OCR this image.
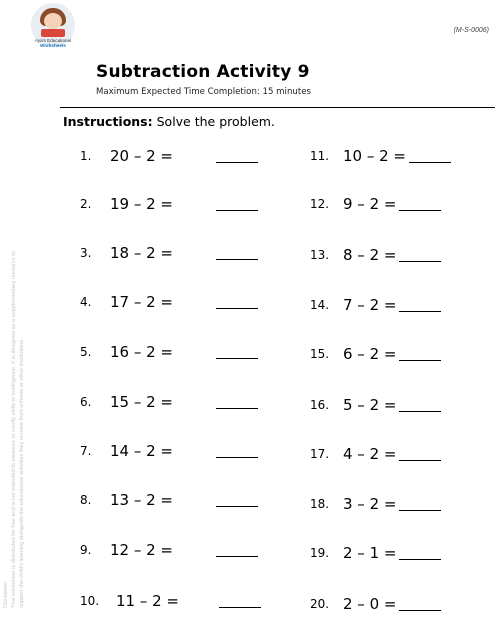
Aya's Educational
Worksheets
(M-S-0006)
Subtraction Activity 9
Maximum Expected Time Completion: 15 minutes
Instructions: Solve the problem.
Disclaimer: This worksheet is distributed for free and is not intended to measure or certify skills or intelligence. It is designed as a supplementary resource to support the child's learning alongside the educational activities they receive from schools or other institutions.
1. 20 – 2 =
2. 19 – 2 =
3. 18 – 2 =
4. 17 – 2 =
5. 16 – 2 =
6. 15 – 2 =
7. 14 – 2 =
8. 13 – 2 =
9. 12 – 2 =
10. 11 – 2 =
11. 10 – 2 =
12. 9 – 2 =
13. 8 – 2 =
14. 7 – 2 =
15. 6 – 2 =
16. 5 – 2 =
17. 4 – 2 =
18. 3 – 2 =
19. 2 – 1 =
20. 2 – 0 =
